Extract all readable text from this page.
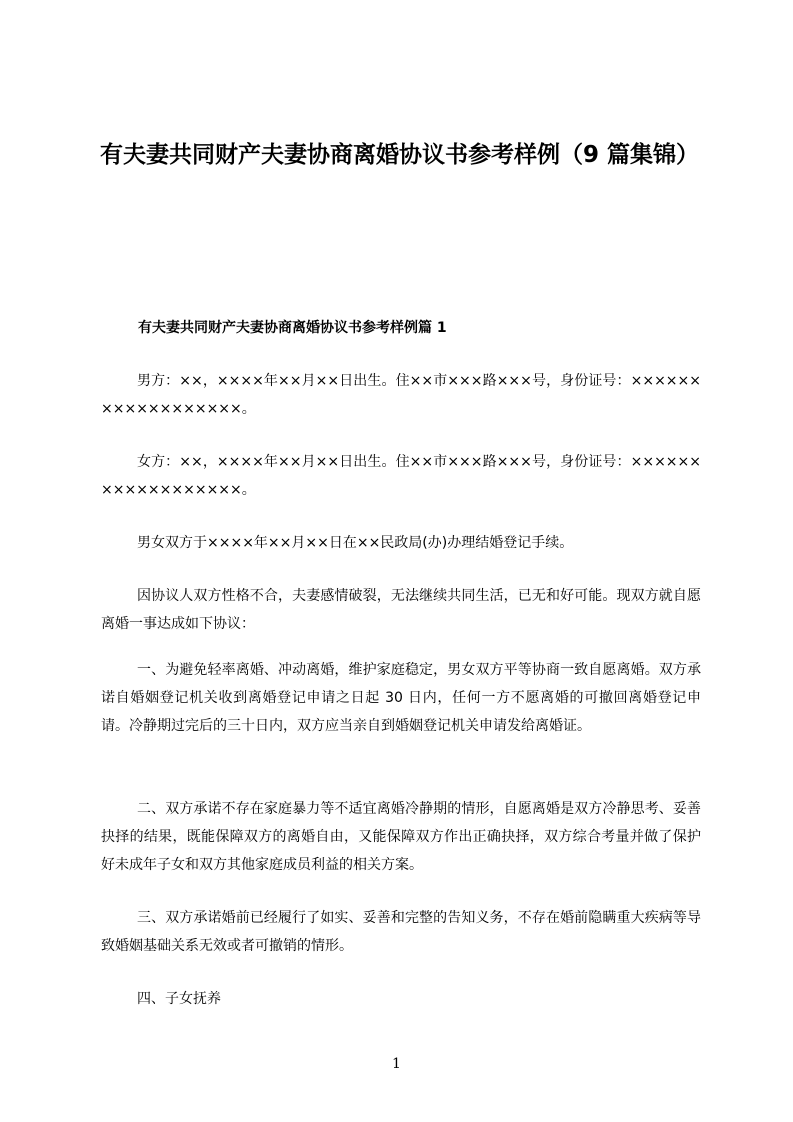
有夫妻共同财产夫妻协商离婚协议书参考样例（9 篇集锦）
有夫妻共同财产夫妻协商离婚协议书参考样例篇 1
男方：××，××××年××月××日出生。住××市×××路×××号，身份证号：××××××××××××××××××。
女方：××，××××年××月××日出生。住××市×××路×××号，身份证号：××××××××××××××××××。
男女双方于××××年××月××日在××民政局(办)办理结婚登记手续。
因协议人双方性格不合，夫妻感情破裂，无法继续共同生活，已无和好可能。现双方就自愿离婚一事达成如下协议：
一、为避免轻率离婚、冲动离婚，维护家庭稳定，男女双方平等协商一致自愿离婚。双方承诺自婚姻登记机关收到离婚登记申请之日起 30 日内，任何一方不愿离婚的可撤回离婚登记申请。冷静期过完后的三十日内，双方应当亲自到婚姻登记机关申请发给离婚证。
二、双方承诺不存在家庭暴力等不适宜离婚冷静期的情形，自愿离婚是双方冷静思考、妥善抉择的结果，既能保障双方的离婚自由，又能保障双方作出正确抉择，双方综合考量并做了保护好未成年子女和双方其他家庭成员利益的相关方案。
三、双方承诺婚前已经履行了如实、妥善和完整的告知义务，不存在婚前隐瞒重大疾病等导致婚姻基础关系无效或者可撤销的情形。
四、子女抚养
1
